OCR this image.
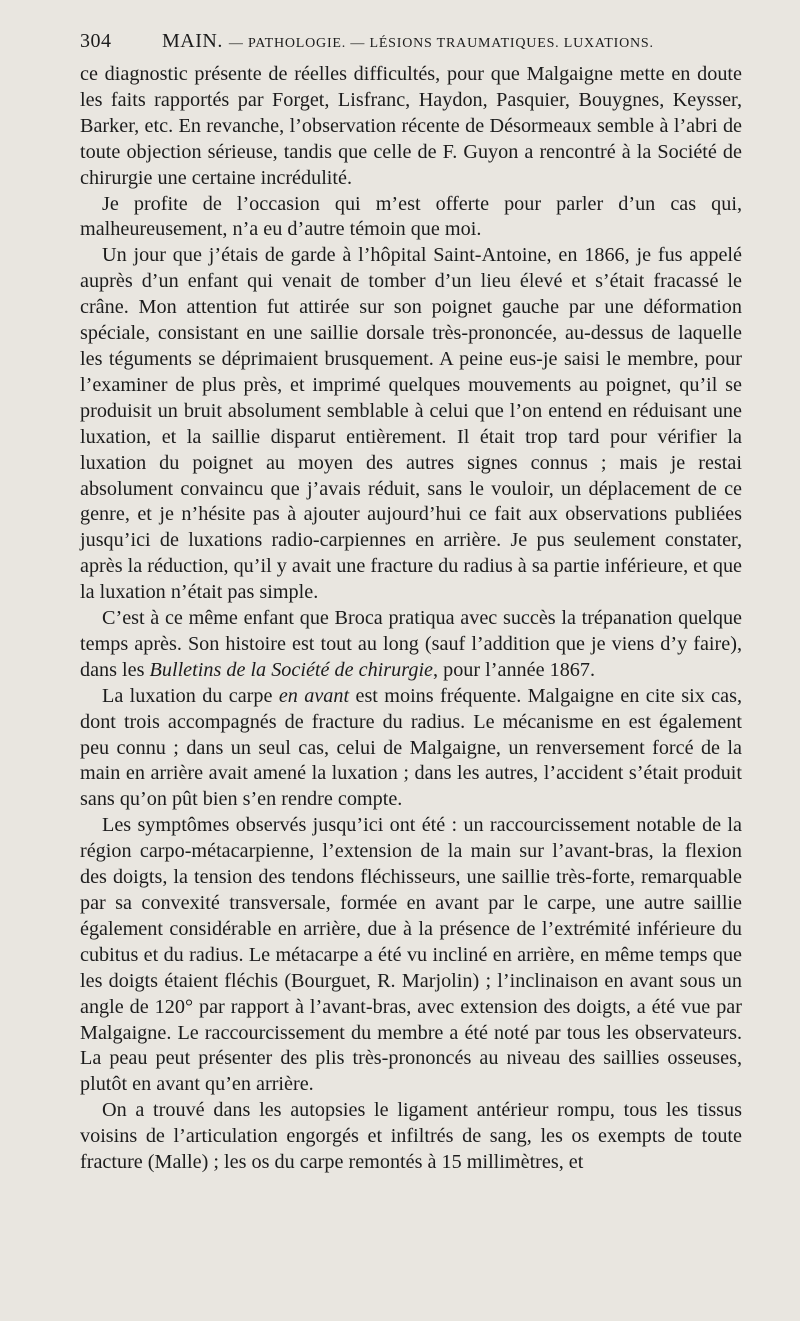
304	MAIN. — PATHOLOGIE. — LÉSIONS TRAUMATIQUES. LUXATIONS.

ce diagnostic présente de réelles difficultés, pour que Malgaigne mette en doute les faits rapportés par Forget, Lisfranc, Haydon, Pasquier, Bouygnes, Keysser, Barker, etc. En revanche, l’observation récente de Désormeaux semble à l’abri de toute objection sérieuse, tandis que celle de F. Guyon a rencontré à la Société de chirurgie une certaine incrédulité.

Je profite de l’occasion qui m’est offerte pour parler d’un cas qui, malheureusement, n’a eu d’autre témoin que moi.

Un jour que j’étais de garde à l’hôpital Saint-Antoine, en 1866, je fus appelé auprès d’un enfant qui venait de tomber d’un lieu élevé et s’était fracassé le crâne. Mon attention fut attirée sur son poignet gauche par une déformation spéciale, consistant en une saillie dorsale très-prononcée, au-dessus de laquelle les téguments se déprimaient brusquement. A peine eus-je saisi le membre, pour l’examiner de plus près, et imprimé quelques mouvements au poignet, qu’il se produisit un bruit absolument semblable à celui que l’on entend en réduisant une luxation, et la saillie disparut entièrement. Il était trop tard pour vérifier la luxation du poignet au moyen des autres signes connus ; mais je restai absolument convaincu que j’avais réduit, sans le vouloir, un déplacement de ce genre, et je n’hésite pas à ajouter aujourd’hui ce fait aux observations publiées jusqu’ici de luxations radio-carpiennes en arrière. Je pus seulement constater, après la réduction, qu’il y avait une fracture du radius à sa partie inférieure, et que la luxation n’était pas simple.

C’est à ce même enfant que Broca pratiqua avec succès la trépanation quelque temps après. Son histoire est tout au long (sauf l’addition que je viens d’y faire), dans les Bulletins de la Société de chirurgie, pour l’année 1867.

La luxation du carpe en avant est moins fréquente. Malgaigne en cite six cas, dont trois accompagnés de fracture du radius. Le mécanisme en est également peu connu ; dans un seul cas, celui de Malgaigne, un renversement forcé de la main en arrière avait amené la luxation ; dans les autres, l’accident s’était produit sans qu’on pût bien s’en rendre compte.

Les symptômes observés jusqu’ici ont été : un raccourcissement notable de la région carpo-métacarpienne, l’extension de la main sur l’avant-bras, la flexion des doigts, la tension des tendons fléchisseurs, une saillie très-forte, remarquable par sa convexité transversale, formée en avant par le carpe, une autre saillie également considérable en arrière, due à la présence de l’extrémité inférieure du cubitus et du radius. Le métacarpe a été vu incliné en arrière, en même temps que les doigts étaient fléchis (Bourguet, R. Marjolin) ; l’inclinaison en avant sous un angle de 120° par rapport à l’avant-bras, avec extension des doigts, a été vue par Malgaigne. Le raccourcissement du membre a été noté par tous les observateurs. La peau peut présenter des plis très-prononcés au niveau des saillies osseuses, plutôt en avant qu’en arrière.

On a trouvé dans les autopsies le ligament antérieur rompu, tous les tissus voisins de l’articulation engorgés et infiltrés de sang, les os exempts de toute fracture (Malle) ; les os du carpe remontés à 15 millimètres, et
